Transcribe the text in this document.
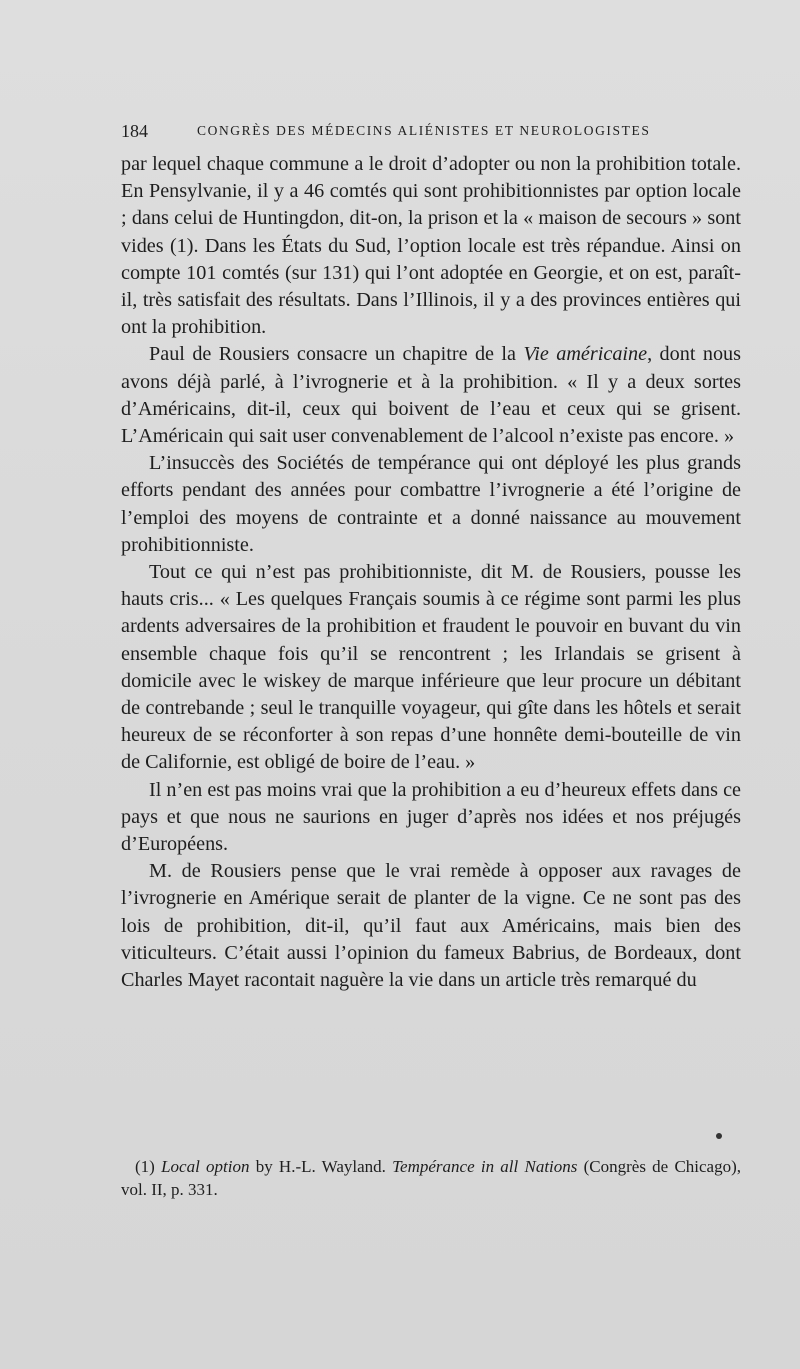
184	CONGRÈS DES MÉDECINS ALIÉNISTES ET NEUROLOGISTES

par lequel chaque commune a le droit d’adopter ou non la prohibition totale. En Pensylvanie, il y a 46 comtés qui sont prohibitionnistes par option locale ; dans celui de Huntingdon, dit-on, la prison et la « maison de secours » sont vides (1). Dans les États du Sud, l’option locale est très répandue. Ainsi on compte 101 comtés (sur 131) qui l’ont adoptée en Georgie, et on est, paraît-il, très satisfait des résultats. Dans l’Illinois, il y a des provinces entières qui ont la prohibition.

Paul de Rousiers consacre un chapitre de la Vie américaine, dont nous avons déjà parlé, à l’ivrognerie et à la prohibition. « Il y a deux sortes d’Américains, dit-il, ceux qui boivent de l’eau et ceux qui se grisent. L’Américain qui sait user convenablement de l’alcool n’existe pas encore. »

L’insuccès des Sociétés de tempérance qui ont déployé les plus grands efforts pendant des années pour combattre l’ivrognerie a été l’origine de l’emploi des moyens de contrainte et a donné naissance au mouvement prohibitionniste.

Tout ce qui n’est pas prohibitionniste, dit M. de Rousiers, pousse les hauts cris... « Les quelques Français soumis à ce régime sont parmi les plus ardents adversaires de la prohibition et fraudent le pouvoir en buvant du vin ensemble chaque fois qu’il se rencontrent ; les Irlandais se grisent à domicile avec le wiskey de marque inférieure que leur procure un débitant de contrebande ; seul le tranquille voyageur, qui gîte dans les hôtels et serait heureux de se réconforter à son repas d’une honnête demi-bouteille de vin de Californie, est obligé de boire de l’eau. »

Il n’en est pas moins vrai que la prohibition a eu d’heureux effets dans ce pays et que nous ne saurions en juger d’après nos idées et nos préjugés d’Européens.

M. de Rousiers pense que le vrai remède à opposer aux ravages de l’ivrognerie en Amérique serait de planter de la vigne. Ce ne sont pas des lois de prohibition, dit-il, qu’il faut aux Américains, mais bien des viticulteurs. C’était aussi l’opinion du fameux Babrius, de Bordeaux, dont Charles Mayet racontait naguère la vie dans un article très remarqué du

(1) Local option by H.-L. Wayland. Tempérance in all Nations (Congrès de Chicago), vol. II, p. 331.
